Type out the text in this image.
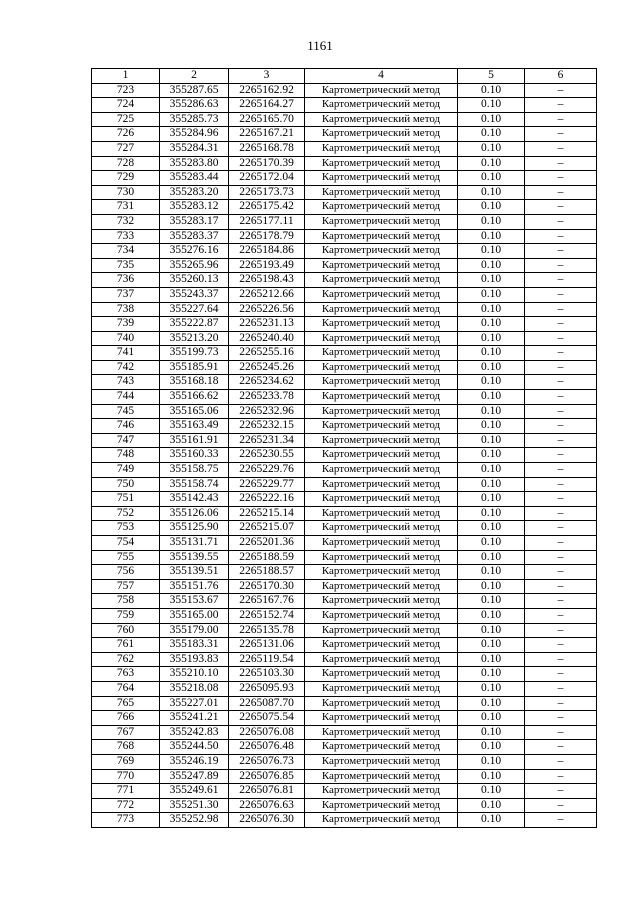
1161
1	2	3	4	5	6
723	355287.65	2265162.92	Картометрический метод	0.10	–
724	355286.63	2265164.27	Картометрический метод	0.10	–
725	355285.73	2265165.70	Картометрический метод	0.10	–
726	355284.96	2265167.21	Картометрический метод	0.10	–
727	355284.31	2265168.78	Картометрический метод	0.10	–
728	355283.80	2265170.39	Картометрический метод	0.10	–
729	355283.44	2265172.04	Картометрический метод	0.10	–
730	355283.20	2265173.73	Картометрический метод	0.10	–
731	355283.12	2265175.42	Картометрический метод	0.10	–
732	355283.17	2265177.11	Картометрический метод	0.10	–
733	355283.37	2265178.79	Картометрический метод	0.10	–
734	355276.16	2265184.86	Картометрический метод	0.10	–
735	355265.96	2265193.49	Картометрический метод	0.10	–
736	355260.13	2265198.43	Картометрический метод	0.10	–
737	355243.37	2265212.66	Картометрический метод	0.10	–
738	355227.64	2265226.56	Картометрический метод	0.10	–
739	355222.87	2265231.13	Картометрический метод	0.10	–
740	355213.20	2265240.40	Картометрический метод	0.10	–
741	355199.73	2265255.16	Картометрический метод	0.10	–
742	355185.91	2265245.26	Картометрический метод	0.10	–
743	355168.18	2265234.62	Картометрический метод	0.10	–
744	355166.62	2265233.78	Картометрический метод	0.10	–
745	355165.06	2265232.96	Картометрический метод	0.10	–
746	355163.49	2265232.15	Картометрический метод	0.10	–
747	355161.91	2265231.34	Картометрический метод	0.10	–
748	355160.33	2265230.55	Картометрический метод	0.10	–
749	355158.75	2265229.76	Картометрический метод	0.10	–
750	355158.74	2265229.77	Картометрический метод	0.10	–
751	355142.43	2265222.16	Картометрический метод	0.10	–
752	355126.06	2265215.14	Картометрический метод	0.10	–
753	355125.90	2265215.07	Картометрический метод	0.10	–
754	355131.71	2265201.36	Картометрический метод	0.10	–
755	355139.55	2265188.59	Картометрический метод	0.10	–
756	355139.51	2265188.57	Картометрический метод	0.10	–
757	355151.76	2265170.30	Картометрический метод	0.10	–
758	355153.67	2265167.76	Картометрический метод	0.10	–
759	355165.00	2265152.74	Картометрический метод	0.10	–
760	355179.00	2265135.78	Картометрический метод	0.10	–
761	355183.31	2265131.06	Картометрический метод	0.10	–
762	355193.83	2265119.54	Картометрический метод	0.10	–
763	355210.10	2265103.30	Картометрический метод	0.10	–
764	355218.08	2265095.93	Картометрический метод	0.10	–
765	355227.01	2265087.70	Картометрический метод	0.10	–
766	355241.21	2265075.54	Картометрический метод	0.10	–
767	355242.83	2265076.08	Картометрический метод	0.10	–
768	355244.50	2265076.48	Картометрический метод	0.10	–
769	355246.19	2265076.73	Картометрический метод	0.10	–
770	355247.89	2265076.85	Картометрический метод	0.10	–
771	355249.61	2265076.81	Картометрический метод	0.10	–
772	355251.30	2265076.63	Картометрический метод	0.10	–
773	355252.98	2265076.30	Картометрический метод	0.10	–
